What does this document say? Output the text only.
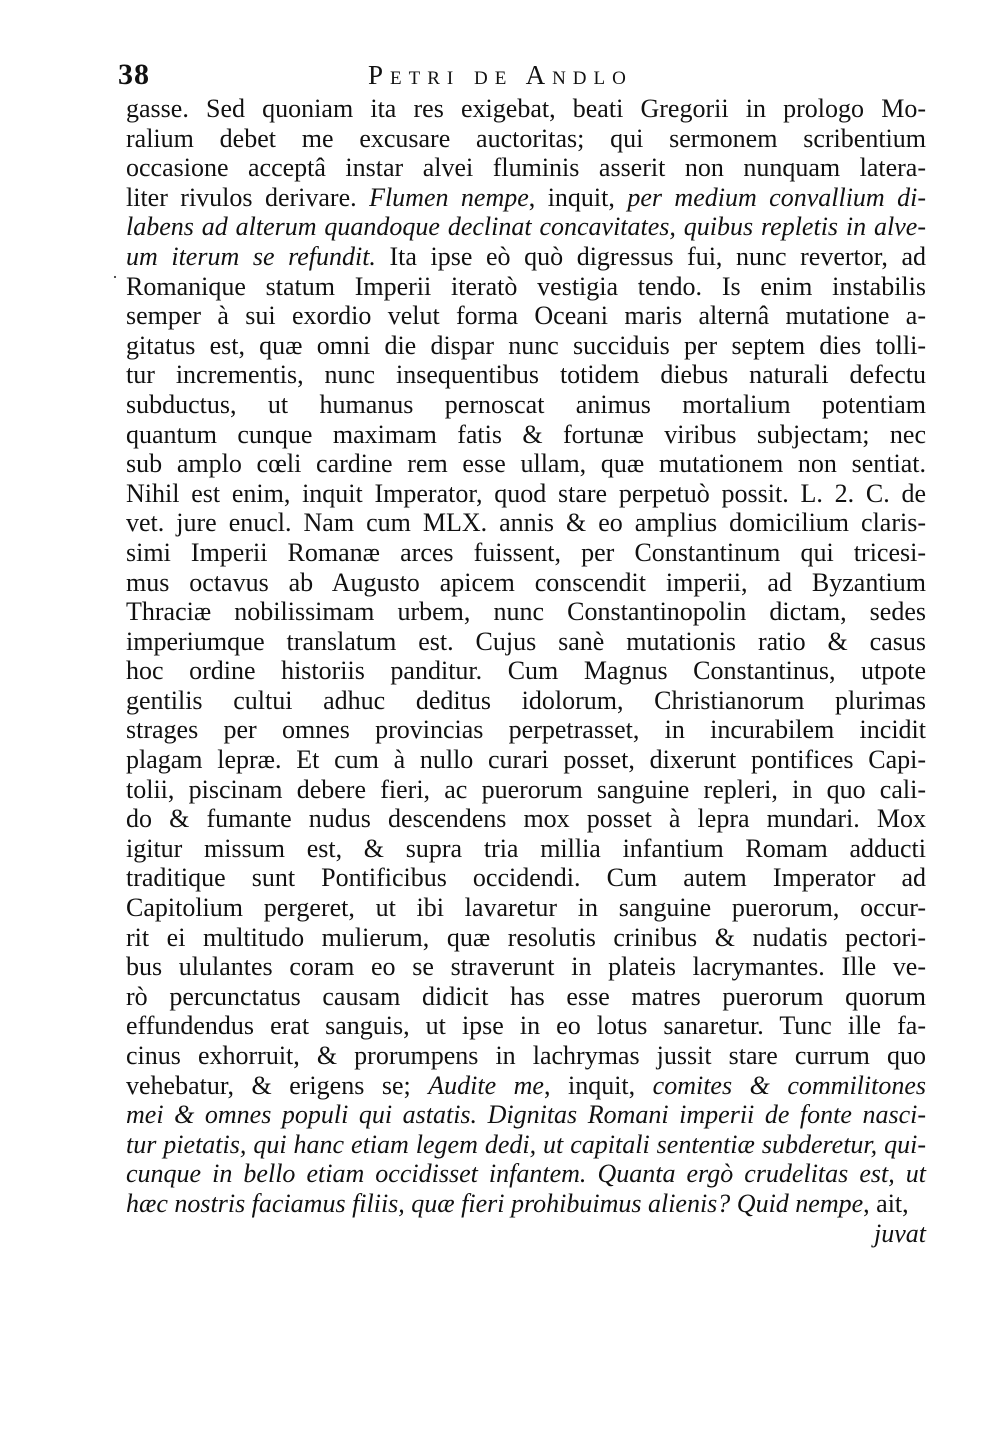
38	Petri de Andlo
·
gasse. Sed quoniam ita res exigebat, beati Gregorii in prologo Mo-
ralium debet me excusare auctoritas; qui sermonem scribentium
occasione acceptâ instar alvei fluminis asserit non nunquam latera-
liter rivulos derivare. Flumen nempe, inquit, per medium convallium di-
labens ad alterum quandoque declinat concavitates, quibus repletis in alve-
um iterum se refundit. Ita ipse eò quò digressus fui, nunc revertor, ad
Romanique statum Imperii iteratò vestigia tendo. Is enim instabilis
semper à sui exordio velut forma Oceani maris alternâ mutatione a-
gitatus est, quæ omni die dispar nunc succiduis per septem dies tolli-
tur incrementis, nunc insequentibus totidem diebus naturali defectu
subductus, ut humanus pernoscat animus mortalium potentiam
quantum cunque maximam fatis & fortunæ viribus subjectam; nec
sub amplo cœli cardine rem esse ullam, quæ mutationem non sentiat.
Nihil est enim, inquit Imperator, quod stare perpetuò possit. L. 2. C. de
vet. jure enucl. Nam cum MLX. annis & eo amplius domicilium claris-
simi Imperii Romanæ arces fuissent, per Constantinum qui tricesi-
mus octavus ab Augusto apicem conscendit imperii, ad Byzantium
Thraciæ nobilissimam urbem, nunc Constantinopolin dictam, sedes
imperiumque translatum est. Cujus sanè mutationis ratio & casus
hoc ordine historiis panditur. Cum Magnus Constantinus, utpote
gentilis cultui adhuc deditus idolorum, Christianorum plurimas
strages per omnes provincias perpetrasset, in incurabilem incidit
plagam lepræ. Et cum à nullo curari posset, dixerunt pontifices Capi-
tolii, piscinam debere fieri, ac puerorum sanguine repleri, in quo cali-
do & fumante nudus descendens mox posset à lepra mundari. Mox
igitur missum est, & supra tria millia infantium Romam adducti
traditique sunt Pontificibus occidendi. Cum autem Imperator ad
Capitolium pergeret, ut ibi lavaretur in sanguine puerorum, occur-
rit ei multitudo mulierum, quæ resolutis crinibus & nudatis pectori-
bus ululantes coram eo se straverunt in plateis lacrymantes. Ille ve-
rò percunctatus causam didicit has esse matres puerorum quorum
effundendus erat sanguis, ut ipse in eo lotus sanaretur. Tunc ille fa-
cinus exhorruit, & prorumpens in lachrymas jussit stare currum quo
vehebatur, & erigens se; Audite me, inquit, comites & commilitones
mei & omnes populi qui astatis. Dignitas Romani imperii de fonte nasci-
tur pietatis, qui hanc etiam legem dedi, ut capitali sententiæ subderetur, qui-
cunque in bello etiam occidisset infantem. Quanta ergò crudelitas est, ut
hæc nostris faciamus filiis, quæ fieri prohibuimus alienis? Quid nempe, ait,
juvat
